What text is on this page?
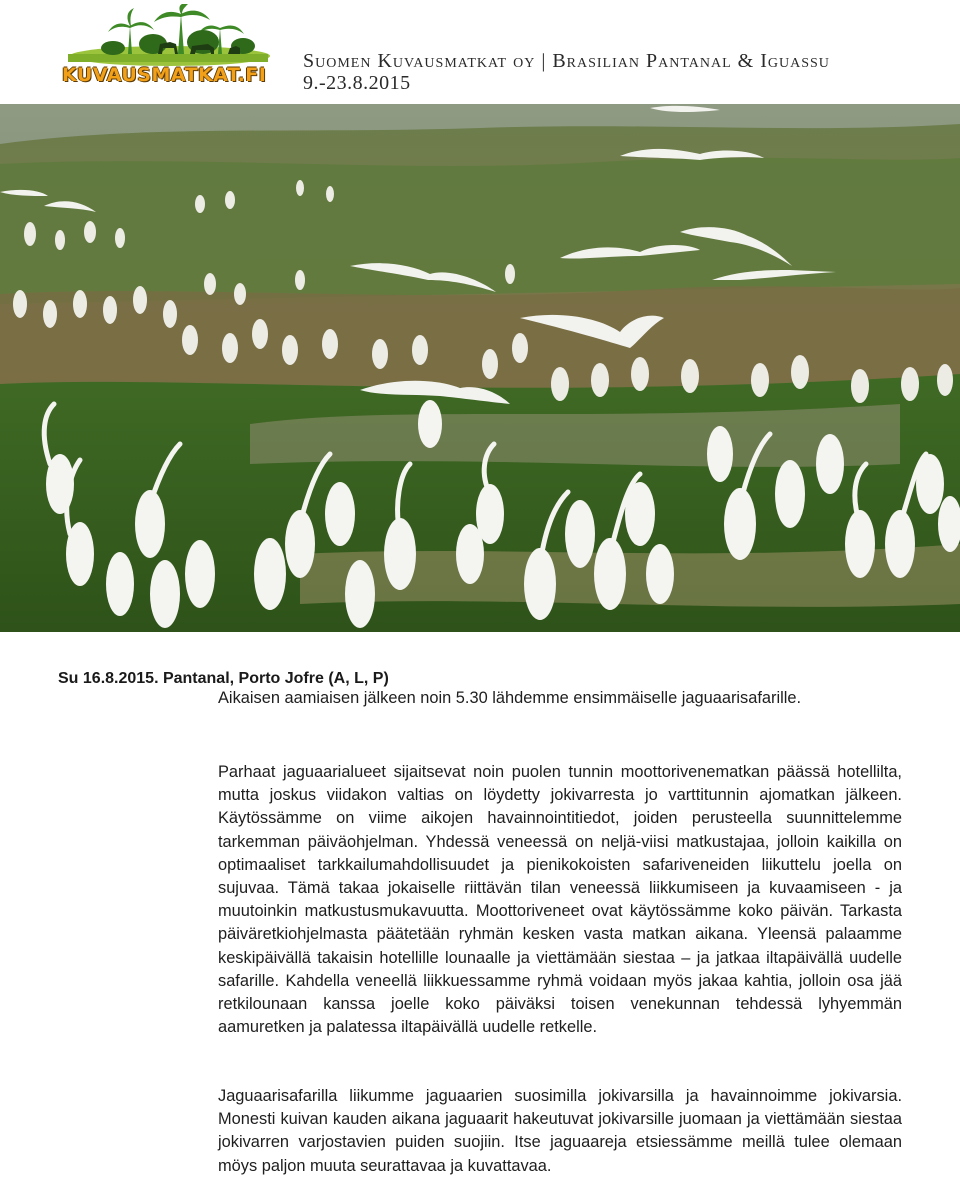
KUVAUSMATKAT.FI
Suomen Kuvausmatkat oy | Brasilian Pantanal & Iguassu
9.-23.8.2015
Su 16.8.2015. Pantanal, Porto Jofre (A, L, P)

Aikaisen aamiaisen jälkeen noin 5.30 lähdemme ensimmäiselle jaguaarisafarille.

Parhaat jaguaarialueet sijaitsevat noin puolen tunnin moottorivenematkan päässä hotellilta, mutta joskus viidakon valtias on löydetty jokivarresta jo varttitunnin ajomatkan jälkeen. Käytössämme on viime aikojen havainnointitiedot, joiden perusteella suunnittelemme tarkemman päiväohjelman. Yhdessä veneessä on neljä-viisi matkustajaa, jolloin kaikilla on optimaaliset tarkkailumahdollisuudet ja pienikokoisten safariveneiden liikuttelu joella on sujuvaa. Tämä takaa jokaiselle riittävän tilan veneessä liikkumiseen ja kuvaamiseen - ja muutoinkin matkustusmukavuutta. Moottoriveneet ovat käytössämme koko päivän. Tarkasta päiväretkiohjelmasta päätetään ryhmän kesken vasta matkan aikana. Yleensä palaamme keskipäivällä takaisin hotellille lounaalle ja viettämään siestaa – ja jatkaa iltapäivällä uudelle safarille. Kahdella veneellä liikkuessamme ryhmä voidaan myös jakaa kahtia, jolloin osa jää retkilounaan kanssa joelle koko päiväksi toisen venekunnan tehdessä lyhyemmän aamuretken ja palatessa iltapäivällä uudelle retkelle.

Jaguaarisafarilla liikumme jaguaarien suosimilla jokivarsilla ja havainnoimme jokivarsia. Monesti kuivan kauden aikana jaguaarit hakeutuvat jokivarsille juomaan ja viettämään siestaa jokivarren varjostavien puiden suojiin. Itse jaguaareja etsiessämme meillä tulee olemaan möys paljon muuta seurattavaa ja kuvattavaa.
